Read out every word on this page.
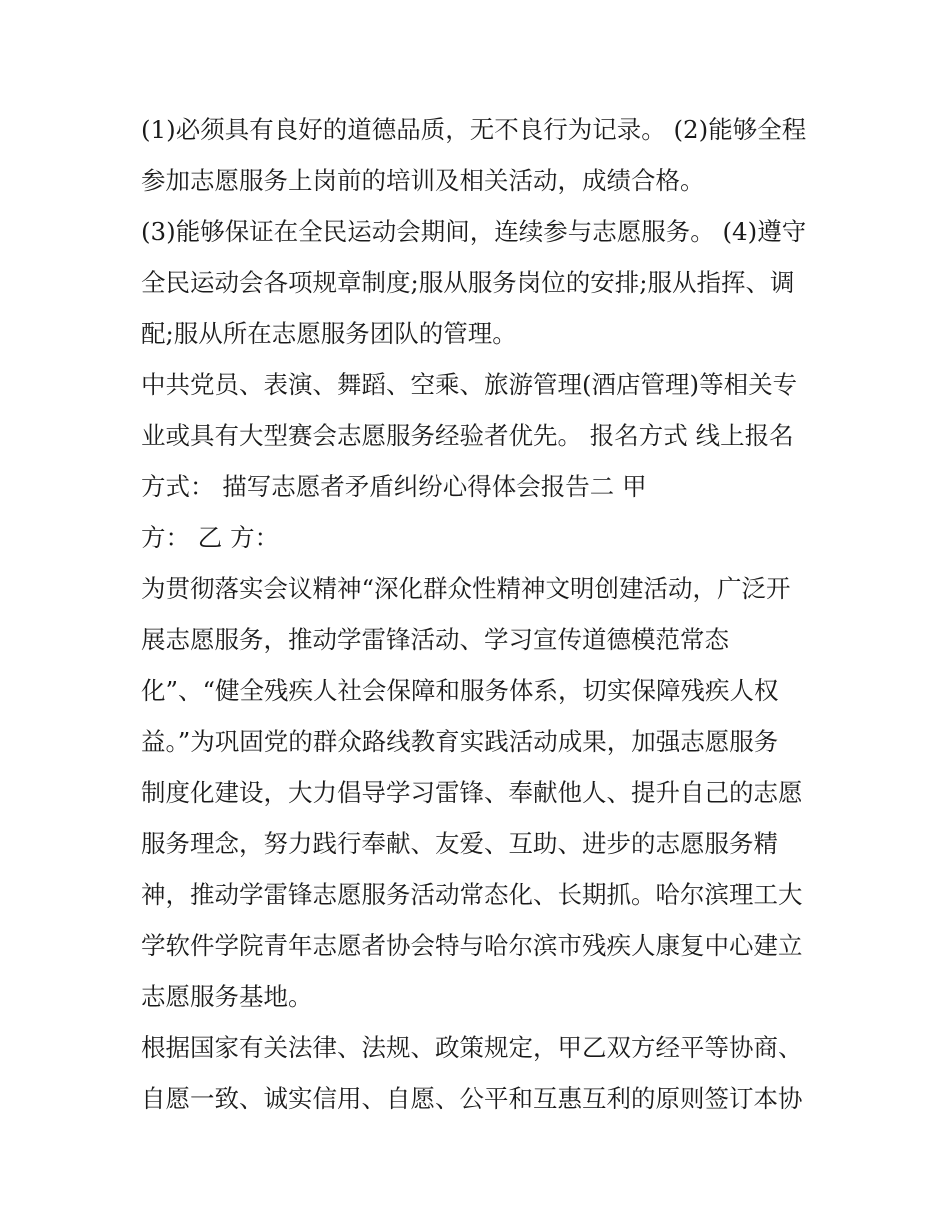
(1)必须具有良好的道德品质，无不良行为记录。 (2)能够全程
参加志愿服务上岗前的培训及相关活动，成绩合格。
(3)能够保证在全民运动会期间，连续参与志愿服务。 (4)遵守
全民运动会各项规章制度;服从服务岗位的安排;服从指挥、调
配;服从所在志愿服务团队的管理。
中共党员、表演、舞蹈、空乘、旅游管理(酒店管理)等相关专
业或具有大型赛会志愿服务经验者优先。 报名方式 线上报名
方式： 描写志愿者矛盾纠纷心得体会报告二 甲
方： 乙 方：
为贯彻落实会议精神“深化群众性精神文明创建活动，广泛开
展志愿服务，推动学雷锋活动、学习宣传道德模范常态
化”、“健全残疾人社会保障和服务体系，切实保障残疾人权
益。”为巩固党的群众路线教育实践活动成果，加强志愿服务
制度化建设，大力倡导学习雷锋、奉献他人、提升自己的志愿
服务理念，努力践行奉献、友爱、互助、进步的志愿服务精
神，推动学雷锋志愿服务活动常态化、长期抓。哈尔滨理工大
学软件学院青年志愿者协会特与哈尔滨市残疾人康复中心建立
志愿服务基地。
根据国家有关法律、法规、政策规定，甲乙双方经平等协商、
自愿一致、诚实信用、自愿、公平和互惠互利的原则签订本协
